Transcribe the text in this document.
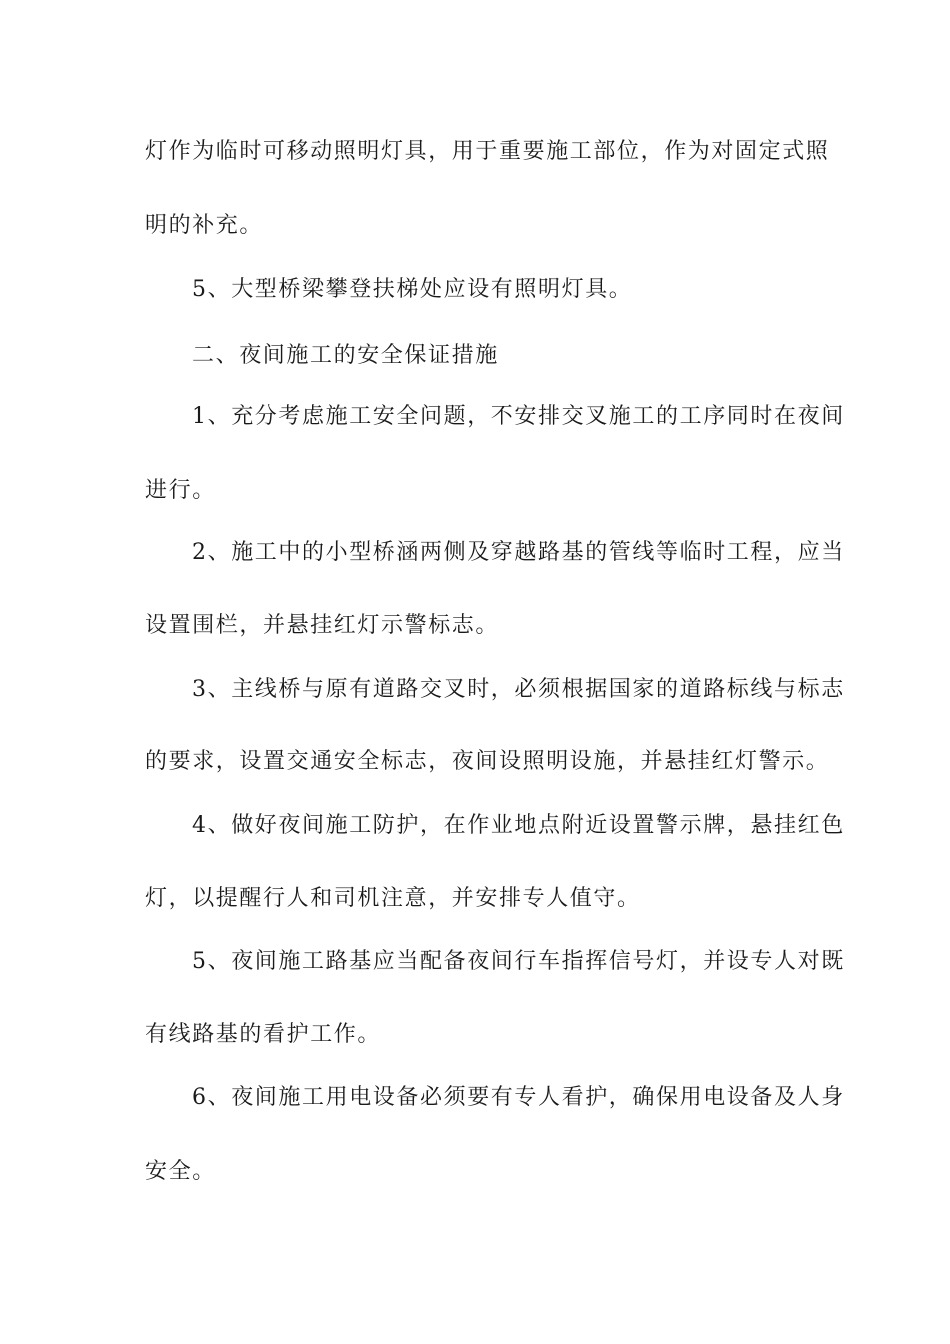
灯作为临时可移动照明灯具，用于重要施工部位，作为对固定式照
明的补充。
5、大型桥梁攀登扶梯处应设有照明灯具。
二、夜间施工的安全保证措施
1、充分考虑施工安全问题，不安排交叉施工的工序同时在夜间
进行。
2、施工中的小型桥涵两侧及穿越路基的管线等临时工程，应当
设置围栏，并悬挂红灯示警标志。
3、主线桥与原有道路交叉时，必须根据国家的道路标线与标志
的要求，设置交通安全标志，夜间设照明设施，并悬挂红灯警示。
4、做好夜间施工防护，在作业地点附近设置警示牌，悬挂红色
灯，以提醒行人和司机注意，并安排专人值守。
5、夜间施工路基应当配备夜间行车指挥信号灯，并设专人对既
有线路基的看护工作。
6、夜间施工用电设备必须要有专人看护，确保用电设备及人身
安全。
